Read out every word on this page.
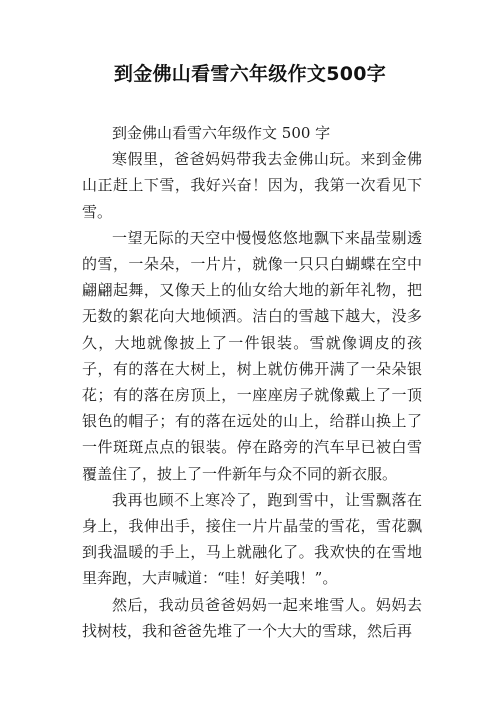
到金佛山看雪六年级作文500字

到金佛山看雪六年级作文 500 字

寒假里，爸爸妈妈带我去金佛山玩。来到金佛山正赶上下雪，我好兴奋！因为，我第一次看见下雪。

一望无际的天空中慢慢悠悠地飘下来晶莹剔透的雪，一朵朵，一片片，就像一只只白蝴蝶在空中翩翩起舞，又像天上的仙女给大地的新年礼物，把无数的絮花向大地倾洒。洁白的雪越下越大，没多久，大地就像披上了一件银装。雪就像调皮的孩子，有的落在大树上，树上就仿佛开满了一朵朵银花；有的落在房顶上，一座座房子就像戴上了一顶银色的帽子；有的落在远处的山上，给群山换上了一件斑斑点点的银装。停在路旁的汽车早已被白雪覆盖住了，披上了一件新年与众不同的新衣服。

我再也顾不上寒冷了，跑到雪中，让雪飘落在身上，我伸出手，接住一片片晶莹的雪花，雪花飘到我温暖的手上，马上就融化了。我欢快的在雪地里奔跑，大声喊道：“哇！好美哦！”。

然后，我动员爸爸妈妈一起来堆雪人。妈妈去找树枝，我和爸爸先堆了一个大大的雪球，然后再
